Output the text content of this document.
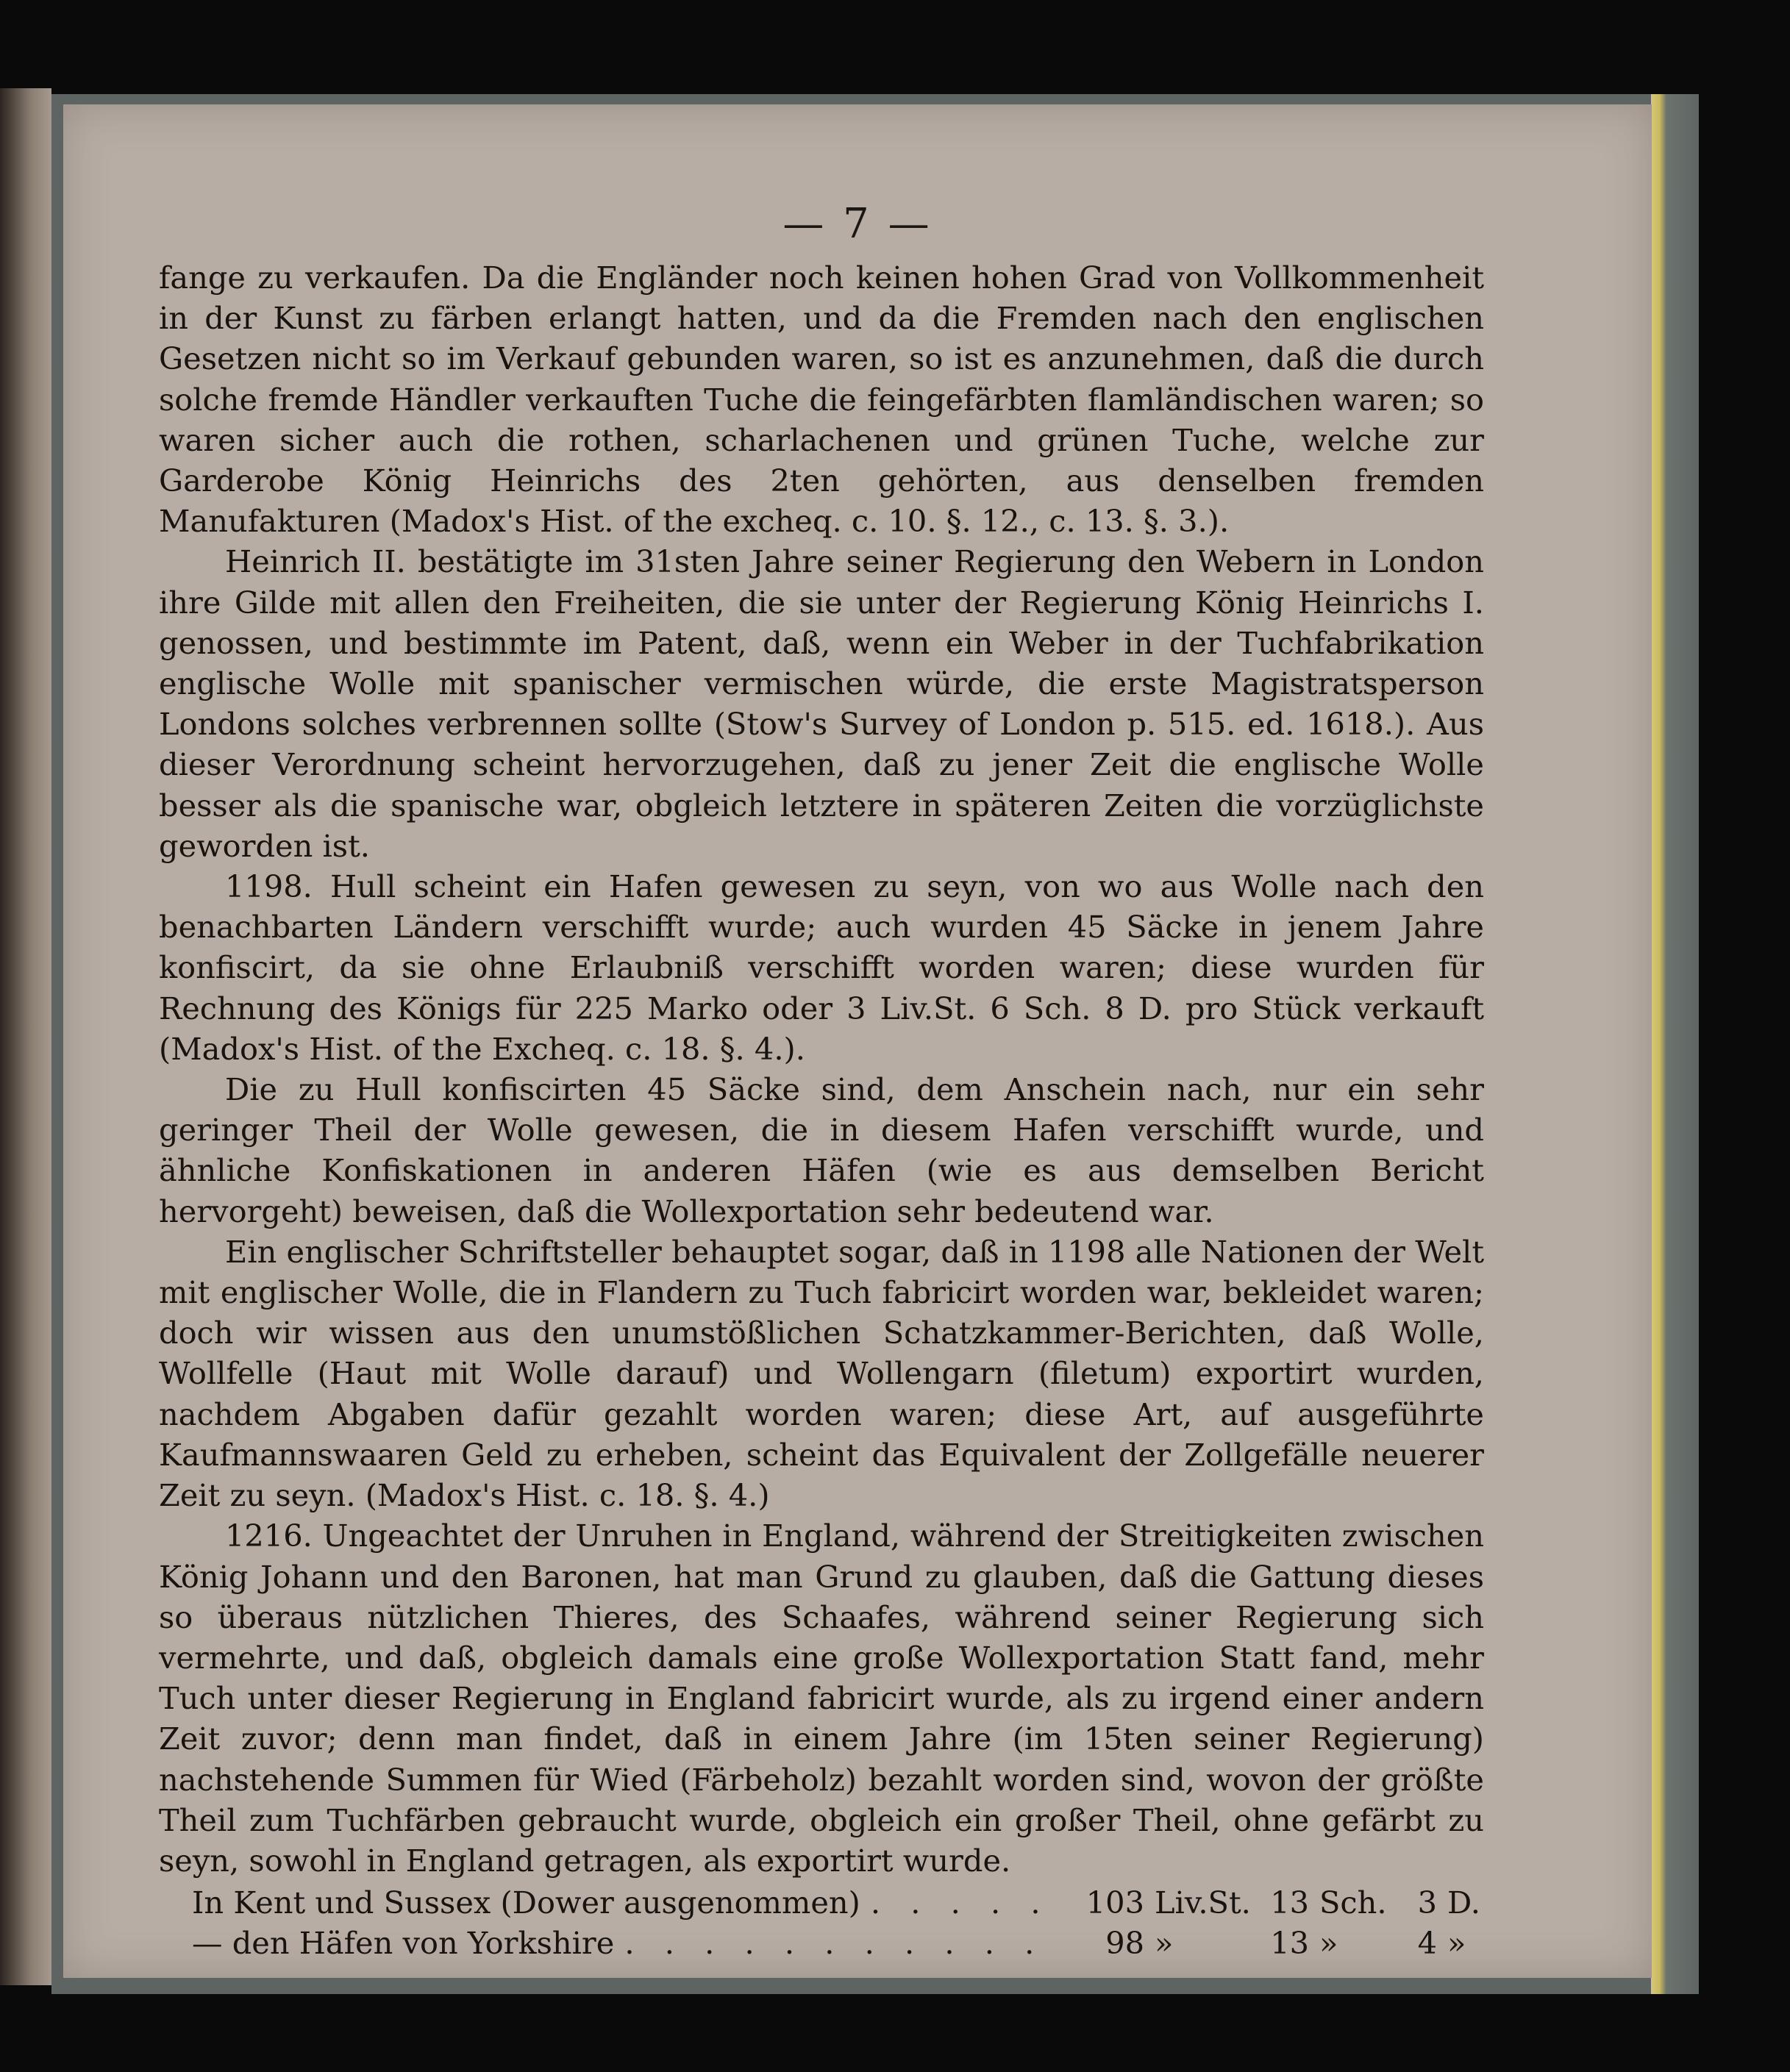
— 7 —

fange zu verkaufen. Da die Engländer noch keinen hohen Grad von Vollkommenheit in der Kunst zu färben erlangt hatten, und da die Fremden nach den englischen Gesetzen nicht so im Verkauf gebunden waren, so ist es anzunehmen, daß die durch solche fremde Händler verkauften Tuche die feingefärbten flamländischen waren; so waren sicher auch die rothen, scharlachenen und grünen Tuche, welche zur Garderobe König Heinrichs des 2ten gehörten, aus denselben fremden Manufakturen (Madox's Hist. of the excheq. c. 10. §. 12., c. 13. §. 3.).

Heinrich II. bestätigte im 31sten Jahre seiner Regierung den Webern in London ihre Gilde mit allen den Freiheiten, die sie unter der Regierung König Heinrichs I. genossen, und bestimmte im Patent, daß, wenn ein Weber in der Tuchfabrikation englische Wolle mit spanischer vermischen würde, die erste Magistratsperson Londons solches verbrennen sollte (Stow's Survey of London p. 515. ed. 1618.). Aus dieser Verordnung scheint hervorzugehen, daß zu jener Zeit die englische Wolle besser als die spanische war, obgleich letztere in späteren Zeiten die vorzüglichste geworden ist.

1198. Hull scheint ein Hafen gewesen zu seyn, von wo aus Wolle nach den benachbarten Ländern verschifft wurde; auch wurden 45 Säcke in jenem Jahre konfiscirt, da sie ohne Erlaubniß verschifft worden waren; diese wurden für Rechnung des Königs für 225 Marko oder 3 Liv.St. 6 Sch. 8 D. pro Stück verkauft (Madox's Hist. of the Excheq. c. 18. §. 4.).

Die zu Hull konfiscirten 45 Säcke sind, dem Anschein nach, nur ein sehr geringer Theil der Wolle gewesen, die in diesem Hafen verschifft wurde, und ähnliche Konfiskationen in anderen Häfen (wie es aus demselben Bericht hervorgeht) beweisen, daß die Wollexportation sehr bedeutend war.

Ein englischer Schriftsteller behauptet sogar, daß in 1198 alle Nationen der Welt mit englischer Wolle, die in Flandern zu Tuch fabricirt worden war, bekleidet waren; doch wir wissen aus den unumstößlichen Schatzkammer-Berichten, daß Wolle, Wollfelle (Haut mit Wolle darauf) und Wollengarn (filetum) exportirt wurden, nachdem Abgaben dafür gezahlt worden waren; diese Art, auf ausgeführte Kaufmannswaaren Geld zu erheben, scheint das Equivalent der Zollgefälle neuerer Zeit zu seyn. (Madox's Hist. c. 18. §. 4.)

1216. Ungeachtet der Unruhen in England, während der Streitigkeiten zwischen König Johann und den Baronen, hat man Grund zu glauben, daß die Gattung dieses so überaus nützlichen Thieres, des Schaafes, während seiner Regierung sich vermehrte, und daß, obgleich damals eine große Wollexportation Statt fand, mehr Tuch unter dieser Regierung in England fabricirt wurde, als zu irgend einer andern Zeit zuvor; denn man findet, daß in einem Jahre (im 15ten seiner Regierung) nachstehende Summen für Wied (Färbeholz) bezahlt worden sind, wovon der größte Theil zum Tuchfärben gebraucht wurde, obgleich ein großer Theil, ohne gefärbt zu seyn, sowohl in England getragen, als exportirt wurde.

In Kent und Sussex (Dower ausgenommen) . . .	103 Liv.St. 13 Sch. 3 D.
— den Häfen von Yorkshire . . .	98 »	13 »	4 »
